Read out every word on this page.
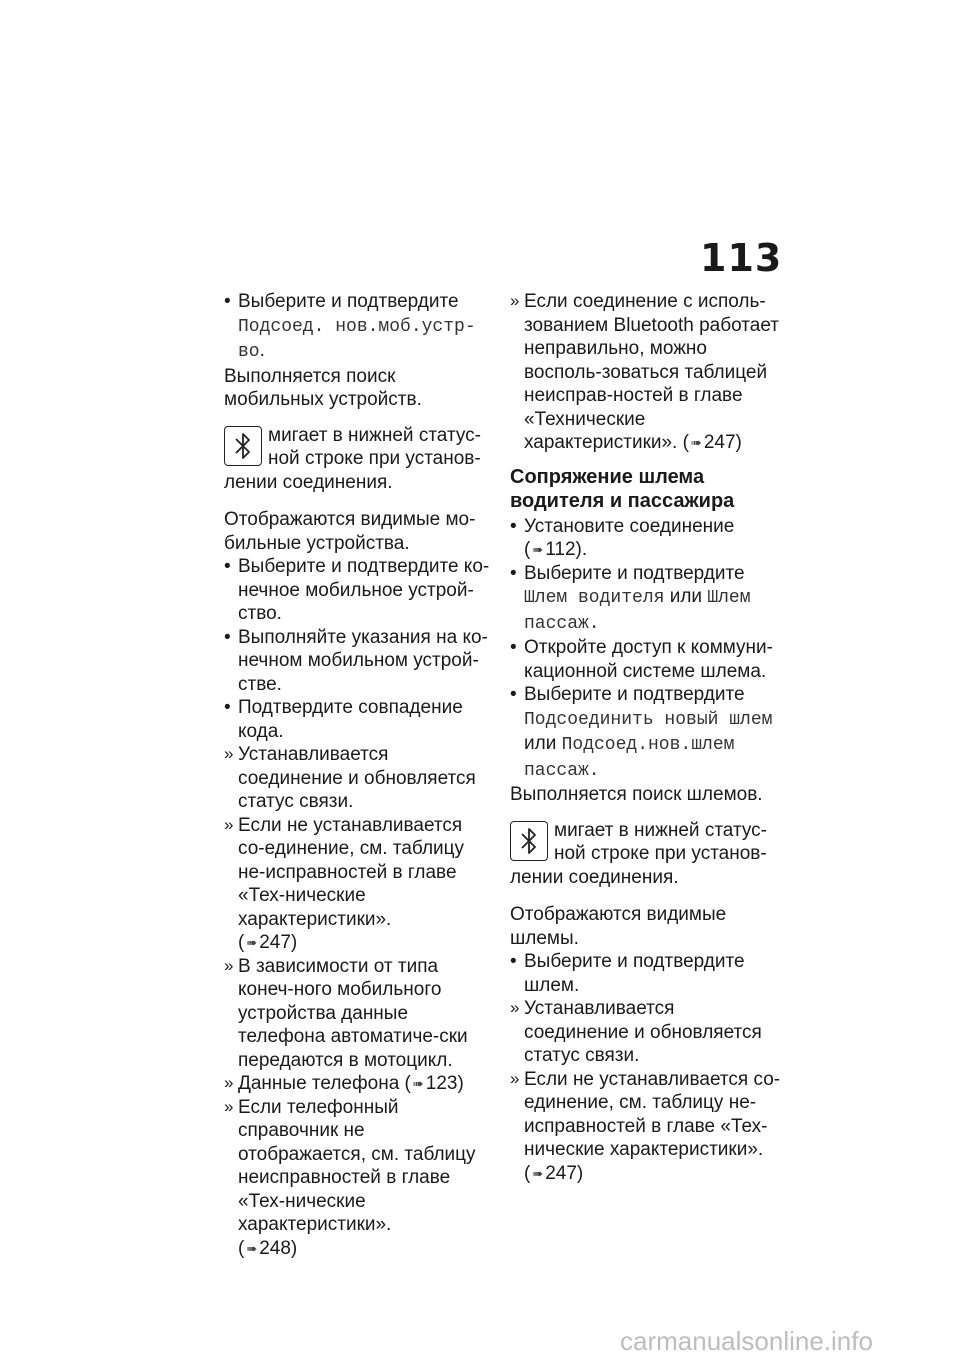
113
• Выберите и подтвердите
Подсоед. нов.моб.устр-во.
Выполняется поиск мобильных устройств.
мигает в нижней статус-ной строке при установ-лении соединения.
Отображаются видимые мо-бильные устройства.
• Выберите и подтвердите ко-нечное мобильное устрой-ство.
• Выполняйте указания на ко-нечном мобильном устрой-стве.
• Подтвердите совпадение кода.
» Устанавливается соединение и обновляется статус связи.
» Если не устанавливается со-единение, см. таблицу не-исправностей в главе «Тех-нические характеристики».
( ➠ 247)
» В зависимости от типа конеч-ного мобильного устройства данные телефона автоматиче-ски передаются в мотоцикл.
» Данные телефона ( ➠ 123)
» Если телефонный справочник не отображается, см. таблицу неисправностей в главе «Тех-нические характеристики».
( ➠ 248)
» Если соединение с исполь-зованием Bluetooth работает неправильно, можно восполь-зоваться таблицей неисправ-ностей в главе «Технические характеристики». ( ➠ 247)
Сопряжение шлема водителя и пассажира
• Установите соединение
( ➠ 112).
• Выберите и подтвердите
Шлем водителя или Шлем пассаж.
• Откройте доступ к коммуни-кационной системе шлема.
• Выберите и подтвердите
Подсоединить новый шлем
или Подсоед.нов.шлем пассаж.
Выполняется поиск шлемов.
мигает в нижней статус-ной строке при установ-лении соединения.
Отображаются видимые шлемы.
• Выберите и подтвердите шлем.
» Устанавливается соединение и обновляется статус связи.
» Если не устанавливается со-единение, см. таблицу не-исправностей в главе «Тех-нические характеристики».
( ➠ 247)
carmanualsonline.info
